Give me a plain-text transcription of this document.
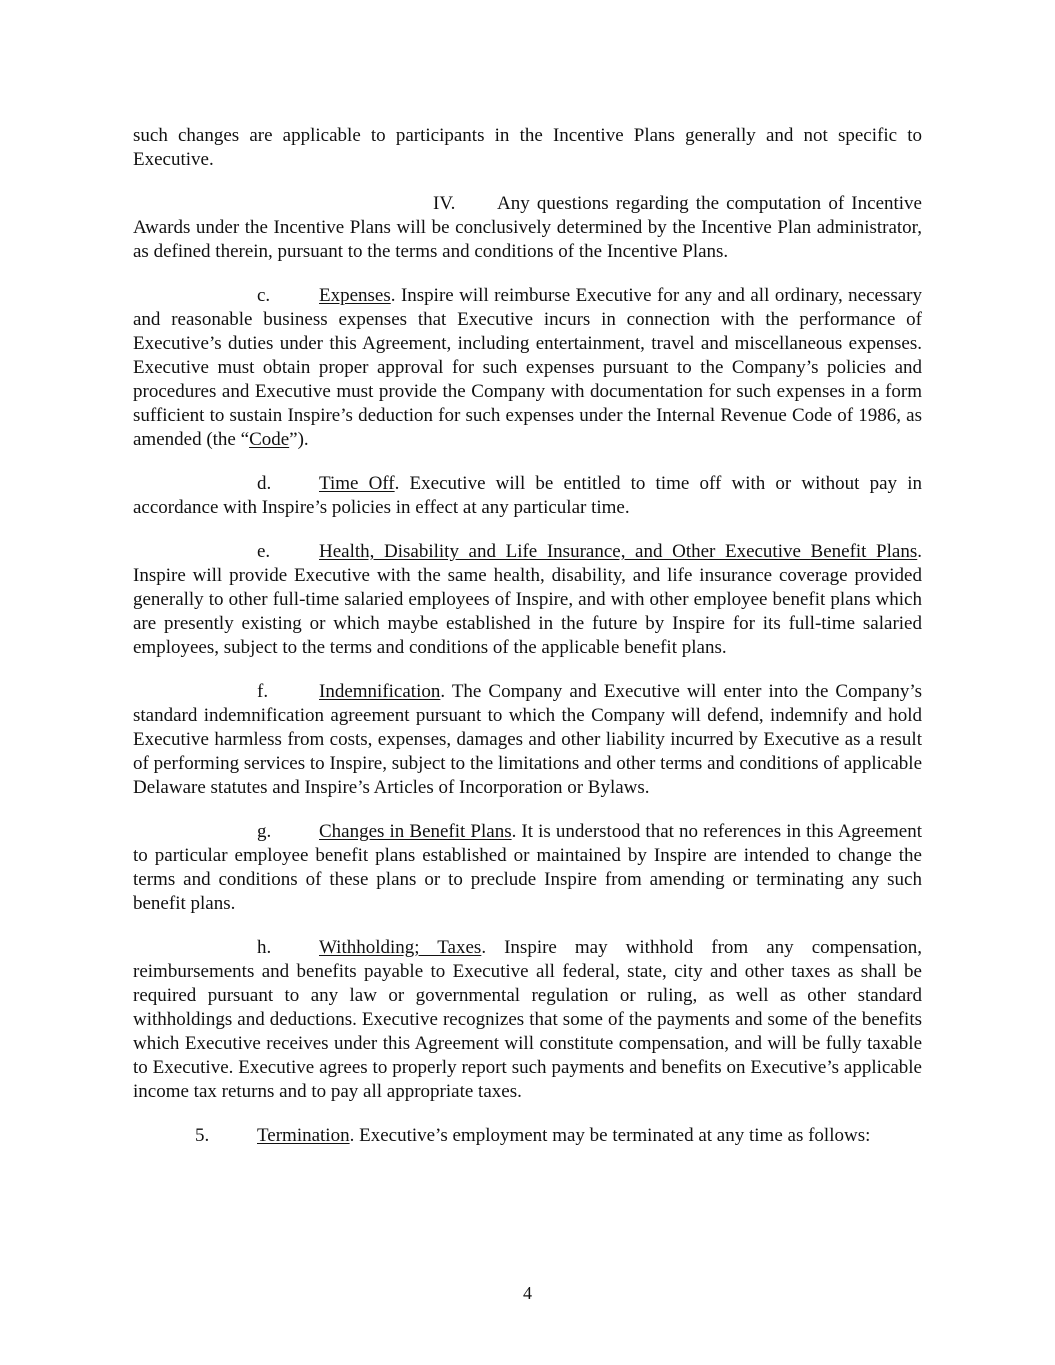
such changes are applicable to participants in the Incentive Plans generally and not specific to Executive.

IV. Any questions regarding the computation of Incentive Awards under the Incentive Plans will be conclusively determined by the Incentive Plan administrator, as defined therein, pursuant to the terms and conditions of the Incentive Plans.

c.	Expenses. Inspire will reimburse Executive for any and all ordinary, necessary and reasonable business expenses that Executive incurs in connection with the performance of Executive’s duties under this Agreement, including entertainment, travel and miscellaneous expenses. Executive must obtain proper approval for such expenses pursuant to the Company’s policies and procedures and Executive must provide the Company with documentation for such expenses in a form sufficient to sustain Inspire’s deduction for such expenses under the Internal Revenue Code of 1986, as amended (the “Code”).

d.	Time Off. Executive will be entitled to time off with or without pay in accordance with Inspire’s policies in effect at any particular time.

e.	Health, Disability and Life Insurance, and Other Executive Benefit Plans. Inspire will provide Executive with the same health, disability, and life insurance coverage provided generally to other full-time salaried employees of Inspire, and with other employee benefit plans which are presently existing or which maybe established in the future by Inspire for its full-time salaried employees, subject to the terms and conditions of the applicable benefit plans.

f.	Indemnification. The Company and Executive will enter into the Company’s standard indemnification agreement pursuant to which the Company will defend, indemnify and hold Executive harmless from costs, expenses, damages and other liability incurred by Executive as a result of performing services to Inspire, subject to the limitations and other terms and conditions of applicable Delaware statutes and Inspire’s Articles of Incorporation or Bylaws.

g.	Changes in Benefit Plans. It is understood that no references in this Agreement to particular employee benefit plans established or maintained by Inspire are intended to change the terms and conditions of these plans or to preclude Inspire from amending or terminating any such benefit plans.

h.	Withholding; Taxes. Inspire may withhold from any compensation, reimbursements and benefits payable to Executive all federal, state, city and other taxes as shall be required pursuant to any law or governmental regulation or ruling, as well as other standard withholdings and deductions. Executive recognizes that some of the payments and some of the benefits which Executive receives under this Agreement will constitute compensation, and will be fully taxable to Executive. Executive agrees to properly report such payments and benefits on Executive’s applicable income tax returns and to pay all appropriate taxes.

5.	Termination. Executive’s employment may be terminated at any time as follows:

4
